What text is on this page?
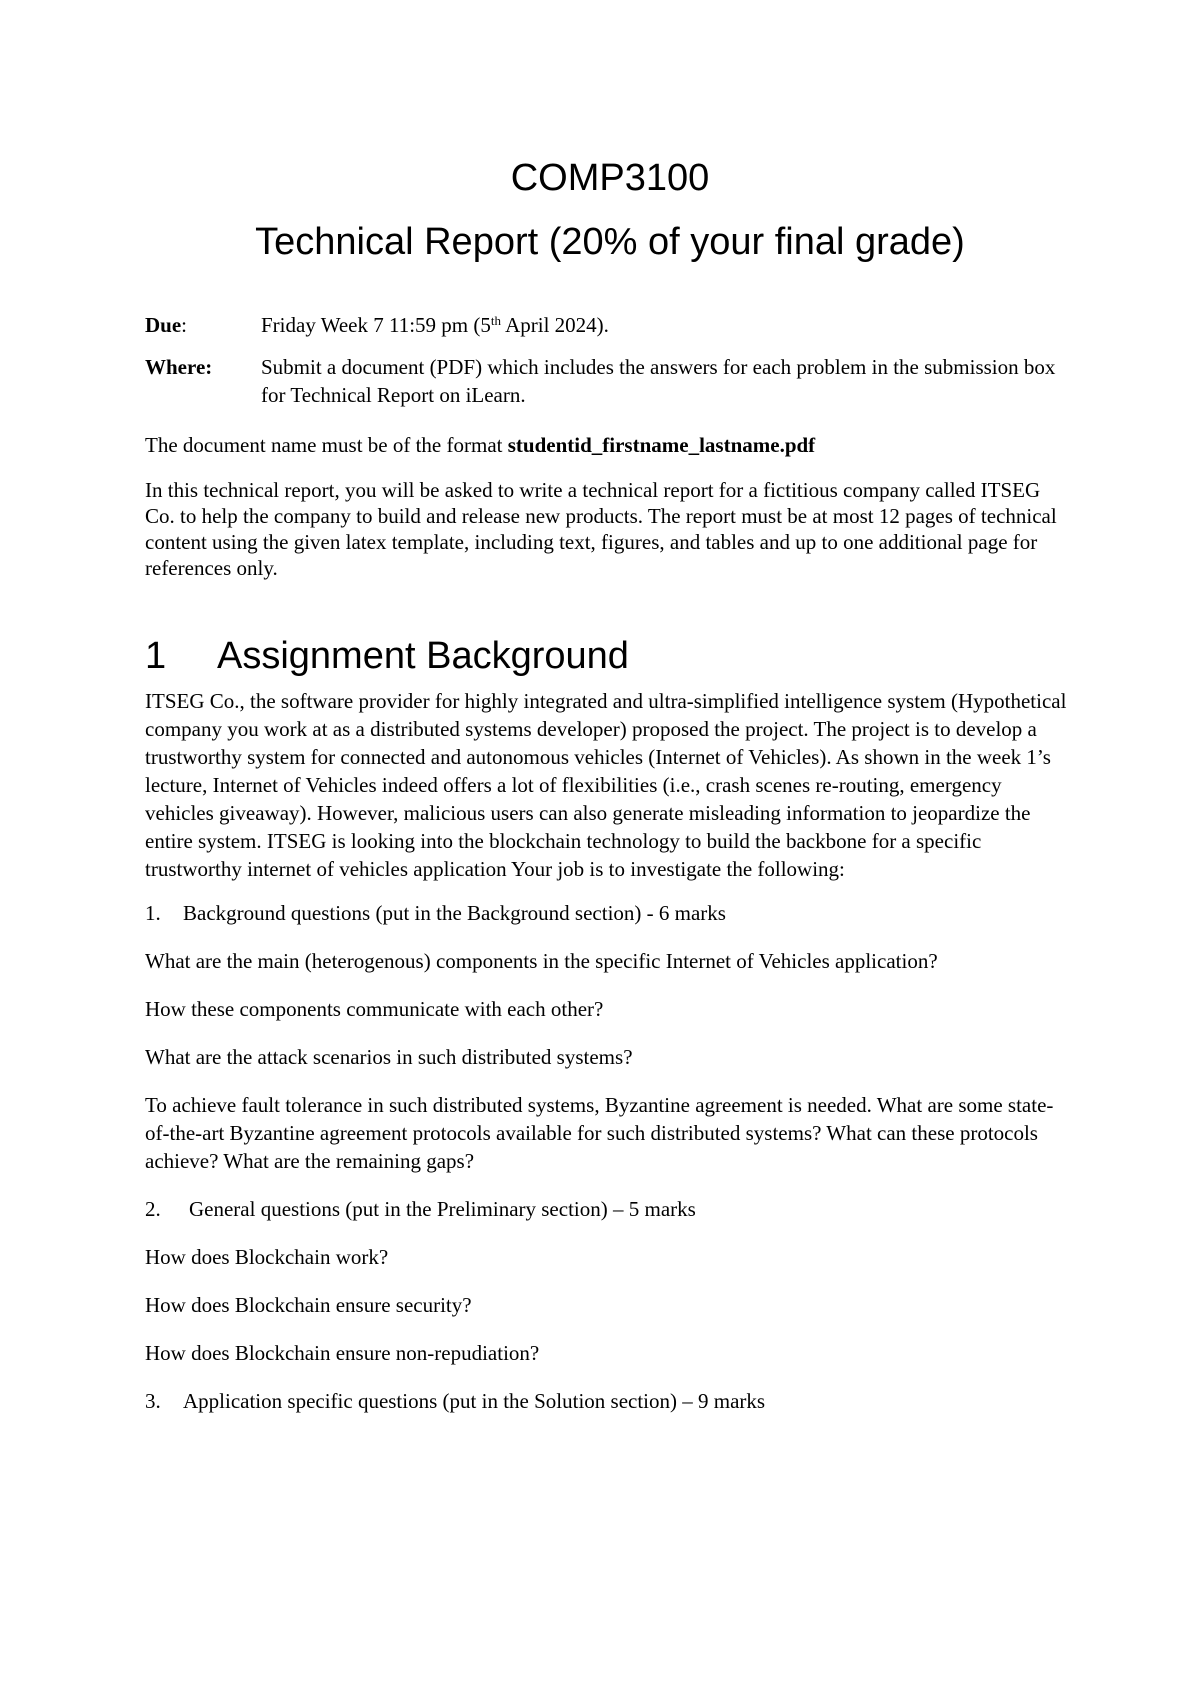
COMP3100

Technical Report (20% of your final grade)

Due:	Friday Week 7 11:59 pm (5th April 2024).
Where:	Submit a document (PDF) which includes the answers for each problem in the submission box for Technical Report on iLearn.

The document name must be of the format studentid_firstname_lastname.pdf

In this technical report, you will be asked to write a technical report for a fictitious company called ITSEG Co. to help the company to build and release new products. The report must be at most 12 pages of technical content using the given latex template, including text, figures, and tables and up to one additional page for references only.

1	Assignment Background

ITSEG Co., the software provider for highly integrated and ultra-simplified intelligence system (Hypothetical company you work at as a distributed systems developer) proposed the project. The project is to develop a trustworthy system for connected and autonomous vehicles (Internet of Vehicles). As shown in the week 1’s lecture, Internet of Vehicles indeed offers a lot of flexibilities (i.e., crash scenes re-routing, emergency vehicles giveaway). However, malicious users can also generate misleading information to jeopardize the entire system. ITSEG is looking into the blockchain technology to build the backbone for a specific trustworthy internet of vehicles application Your job is to investigate the following:

1.	Background questions (put in the Background section) - 6 marks

What are the main (heterogenous) components in the specific Internet of Vehicles application?

How these components communicate with each other?

What are the attack scenarios in such distributed systems?

To achieve fault tolerance in such distributed systems, Byzantine agreement is needed. What are some state-of-the-art Byzantine agreement protocols available for such distributed systems? What can these protocols achieve? What are the remaining gaps?

2.	General questions (put in the Preliminary section) – 5 marks

How does Blockchain work?

How does Blockchain ensure security?

How does Blockchain ensure non-repudiation?

3.	Application specific questions (put in the Solution section) – 9 marks
